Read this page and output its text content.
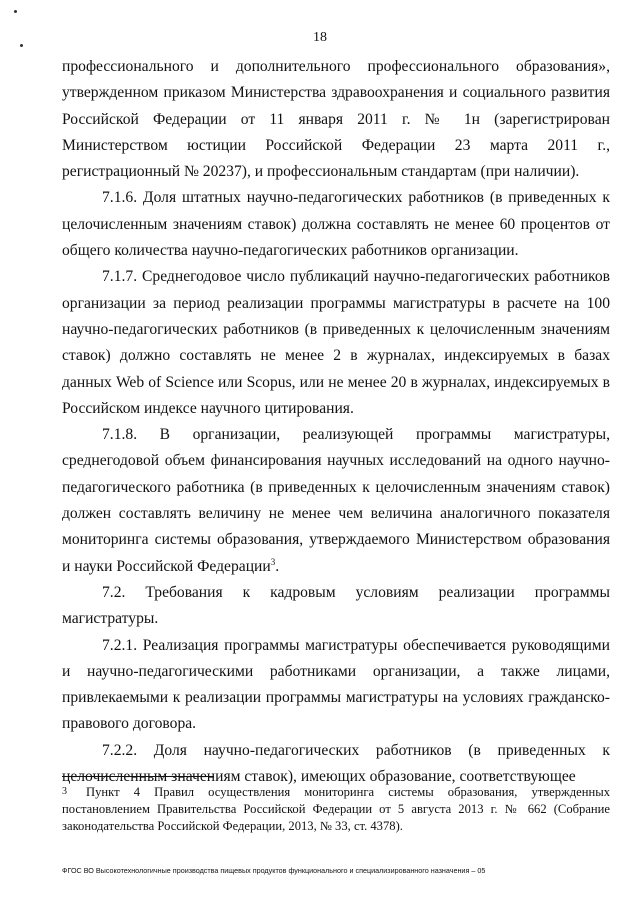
18

профессионального и дополнительного профессионального образования», утвержденном приказом Министерства здравоохранения и социального развития Российской Федерации от 11 января 2011 г. № 1н (зарегистрирован Министерством юстиции Российской Федерации 23 марта 2011 г., регистрационный № 20237), и профессиональным стандартам (при наличии).

7.1.6. Доля штатных научно-педагогических работников (в приведенных к целочисленным значениям ставок) должна составлять не менее 60 процентов от общего количества научно-педагогических работников организации.

7.1.7. Среднегодовое число публикаций научно-педагогических работников организации за период реализации программы магистратуры в расчете на 100 научно-педагогических работников (в приведенных к целочисленным значениям ставок) должно составлять не менее 2 в журналах, индексируемых в базах данных Web of Science или Scopus, или не менее 20 в журналах, индексируемых в Российском индексе научного цитирования.

7.1.8. В организации, реализующей программы магистратуры, среднегодовой объем финансирования научных исследований на одного научно-педагогического работника (в приведенных к целочисленным значениям ставок) должен составлять величину не менее чем величина аналогичного показателя мониторинга системы образования, утверждаемого Министерством образования и науки Российской Федерации$^3$.

7.2. Требования к кадровым условиям реализации программы магистратуры.

7.2.1. Реализация программы магистратуры обеспечивается руководящими и научно-педагогическими работниками организации, а также лицами, привлекаемыми к реализации программы магистратуры на условиях гражданско-правового договора.

7.2.2. Доля научно-педагогических работников (в приведенных к целочисленным значениям ставок), имеющих образование, соответствующее

3 Пункт 4 Правил осуществления мониторинга системы образования, утвержденных постановлением Правительства Российской Федерации от 5 августа 2013 г. № 662 (Собрание законодательства Российской Федерации, 2013, № 33, ст. 4378).
ФГОС ВО Высокотехнологичные производства пищевых продуктов функционального и специализированного назначения – 05
